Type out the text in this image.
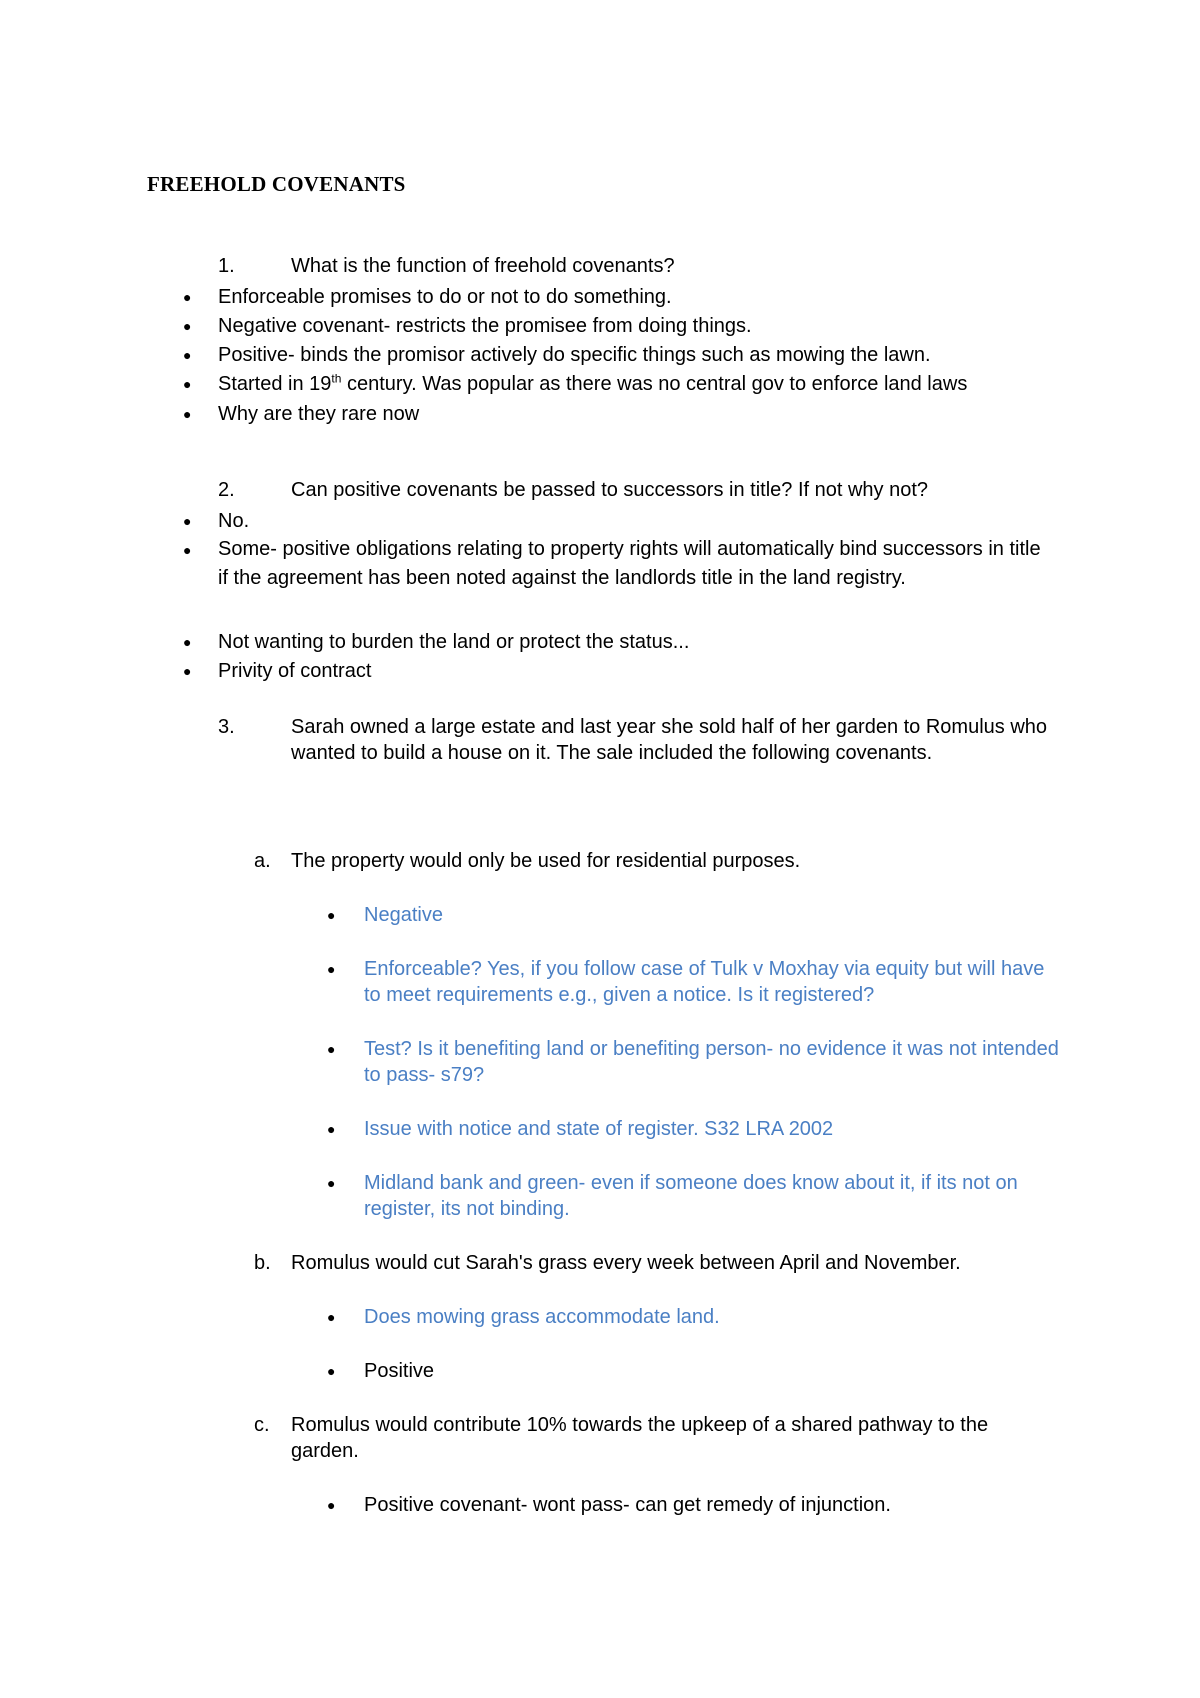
FREEHOLD COVENANTS
1.	What is the function of freehold covenants?
● Enforceable promises to do or not to do something.
● Negative covenant- restricts the promisee from doing things.
● Positive- binds the promisor actively do specific things such as mowing the lawn.
● Started in 19th century. Was popular as there was no central gov to enforce land laws
● Why are they rare now
2.	Can positive covenants be passed to successors in title? If not why not?
● No.
● Some- positive obligations relating to property rights will automatically bind successors in title if the agreement has been noted against the landlords title in the land registry.
● Not wanting to burden the land or protect the status...
● Privity of contract
3.	Sarah owned a large estate and last year she sold half of her garden to Romulus who wanted to build a house on it. The sale included the following covenants.
a. The property would only be used for residential purposes.
● Negative
● Enforceable? Yes, if you follow case of Tulk v Moxhay via equity but will have to meet requirements e.g., given a notice. Is it registered?
● Test? Is it benefiting land or benefiting person- no evidence it was not intended to pass- s79?
● Issue with notice and state of register. S32 LRA 2002
● Midland bank and green- even if someone does know about it, if its not on register, its not binding.
b. Romulus would cut Sarah's grass every week between April and November.
● Does mowing grass accommodate land.
● Positive
c. Romulus would contribute 10% towards the upkeep of a shared pathway to the garden.
● Positive covenant- wont pass- can get remedy of injunction.
